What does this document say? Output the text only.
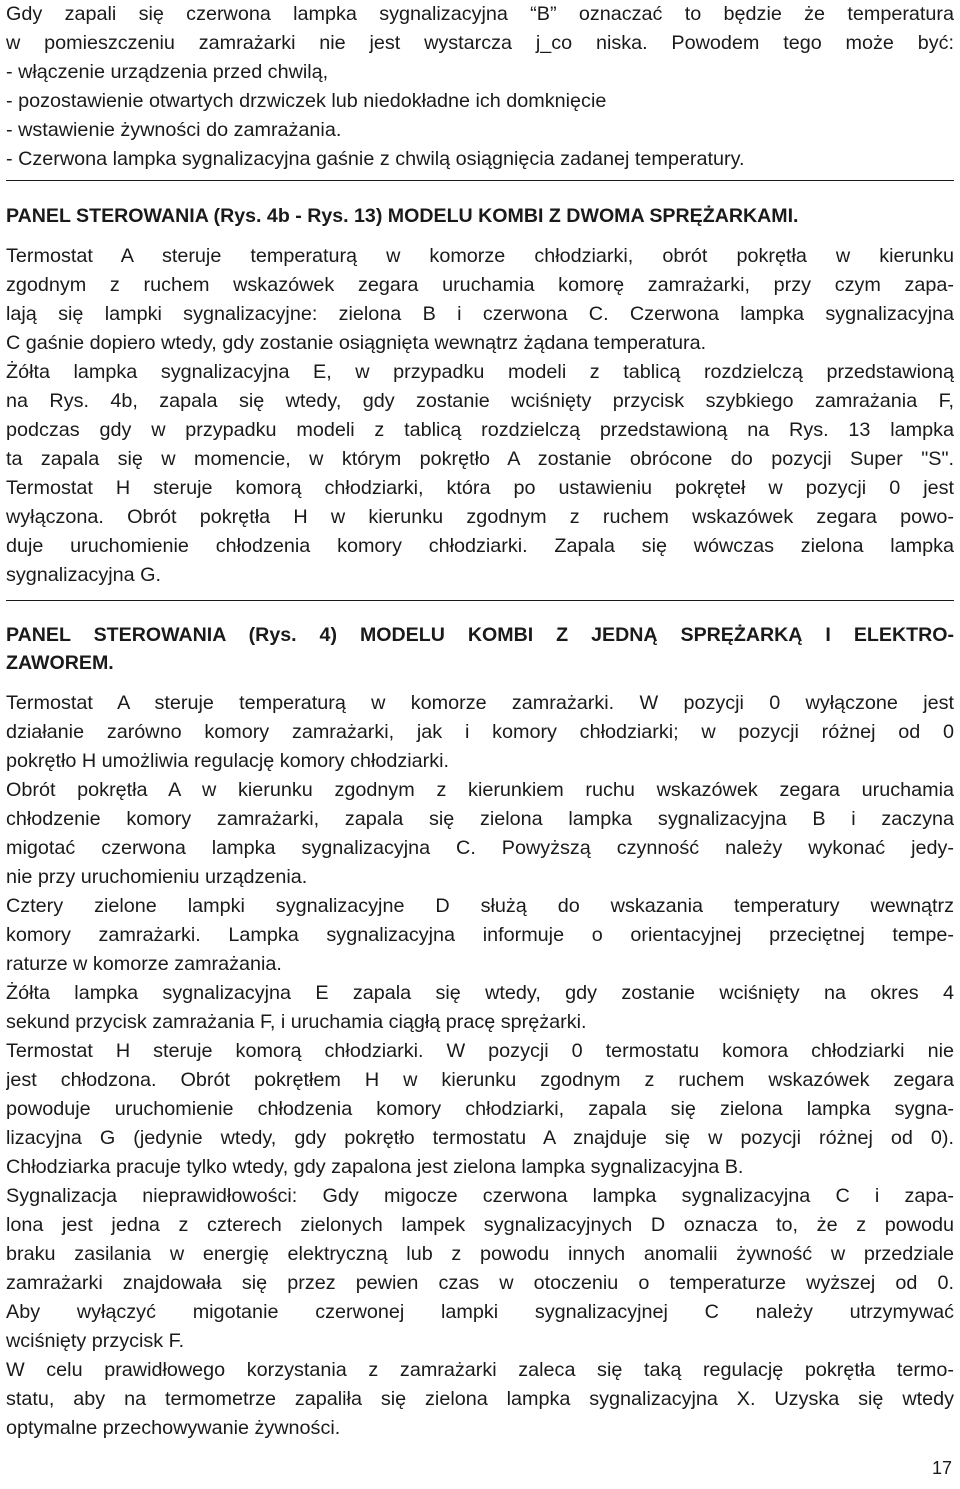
Gdy zapali się czerwona lampka sygnalizacyjna “B” oznaczać to będzie że temperatura
w pomieszczeniu zamrażarki nie jest wystarcza j_co niska. Powodem tego może być:
- włączenie urządzenia przed chwilą,
- pozostawienie otwartych drzwiczek lub niedokładne ich domknięcie
- wstawienie żywności do zamrażania.
- Czerwona lampka sygnalizacyjna gaśnie z chwilą osiągnięcia zadanej temperatury.
PANEL STEROWANIA (Rys. 4b - Rys. 13) MODELU KOMBI Z DWOMA SPRĘŻARKAMI.
Termostat A steruje temperaturą w komorze chłodziarki, obrót pokrętła w kierunku
zgodnym z ruchem wskazówek zegara uruchamia komorę zamrażarki, przy czym zapa-
lają się lampki sygnalizacyjne: zielona B i czerwona C. Czerwona lampka sygnalizacyjna
C gaśnie dopiero wtedy, gdy zostanie osiągnięta wewnątrz żądana temperatura.
Żółta lampka sygnalizacyjna E, w przypadku modeli z tablicą rozdzielczą przedstawioną
na Rys. 4b, zapala się wtedy, gdy zostanie wciśnięty przycisk szybkiego zamrażania F,
podczas gdy w przypadku modeli z tablicą rozdzielczą przedstawioną na Rys. 13 lampka
ta zapala się w momencie, w którym pokrętło A zostanie obrócone do pozycji Super "S".
Termostat H steruje komorą chłodziarki, która po ustawieniu pokręteł w pozycji 0 jest
wyłączona. Obrót pokrętła H w kierunku zgodnym z ruchem wskazówek zegara powo-
duje uruchomienie chłodzenia komory chłodziarki. Zapala się wówczas zielona lampka
sygnalizacyjna G.
PANEL STEROWANIA (Rys. 4) MODELU KOMBI Z JEDNĄ SPRĘŻARKĄ I ELEKTRO-
ZAWOREM.
Termostat A steruje temperaturą w komorze zamrażarki. W pozycji 0 wyłączone jest
działanie zarówno komory zamrażarki, jak i komory chłodziarki; w pozycji różnej od 0
pokrętło H umożliwia regulację komory chłodziarki.
Obrót pokrętła A w kierunku zgodnym z kierunkiem ruchu wskazówek zegara uruchamia
chłodzenie komory zamrażarki, zapala się zielona lampka sygnalizacyjna B i zaczyna
migotać czerwona lampka sygnalizacyjna C. Powyższą czynność należy wykonać jedy-
nie przy uruchomieniu urządzenia.
Cztery zielone lampki sygnalizacyjne D służą do wskazania temperatury wewnątrz
komory zamrażarki. Lampka sygnalizacyjna informuje o orientacyjnej przeciętnej tempe-
raturze w komorze zamrażania.
Żółta lampka sygnalizacyjna E zapala się wtedy, gdy zostanie wciśnięty na okres 4
sekund przycisk zamrażania F, i uruchamia ciągłą pracę sprężarki.
Termostat H steruje komorą chłodziarki. W pozycji 0 termostatu komora chłodziarki nie
jest chłodzona. Obrót pokrętłem H w kierunku zgodnym z ruchem wskazówek zegara
powoduje uruchomienie chłodzenia komory chłodziarki, zapala się zielona lampka sygna-
lizacyjna G (jedynie wtedy, gdy pokrętło termostatu A znajduje się w pozycji różnej od 0).
Chłodziarka pracuje tylko wtedy, gdy zapalona jest zielona lampka sygnalizacyjna B.
Sygnalizacja nieprawidłowości: Gdy migocze czerwona lampka sygnalizacyjna C i zapa-
lona jest jedna z czterech zielonych lampek sygnalizacyjnych D oznacza to, że z powodu
braku zasilania w energię elektryczną lub z powodu innych anomalii żywność w przedziale
zamrażarki znajdowała się przez pewien czas w otoczeniu o temperaturze wyższej od 0.
Aby wyłączyć migotanie czerwonej lampki sygnalizacyjnej C należy utrzymywać
wciśnięty przycisk F.
W celu prawidłowego korzystania z zamrażarki zaleca się taką regulację pokrętła termo-
statu, aby na termometrze zapaliła się zielona lampka sygnalizacyjna X. Uzyska się wtedy
optymalne przechowywanie żywności.
17
